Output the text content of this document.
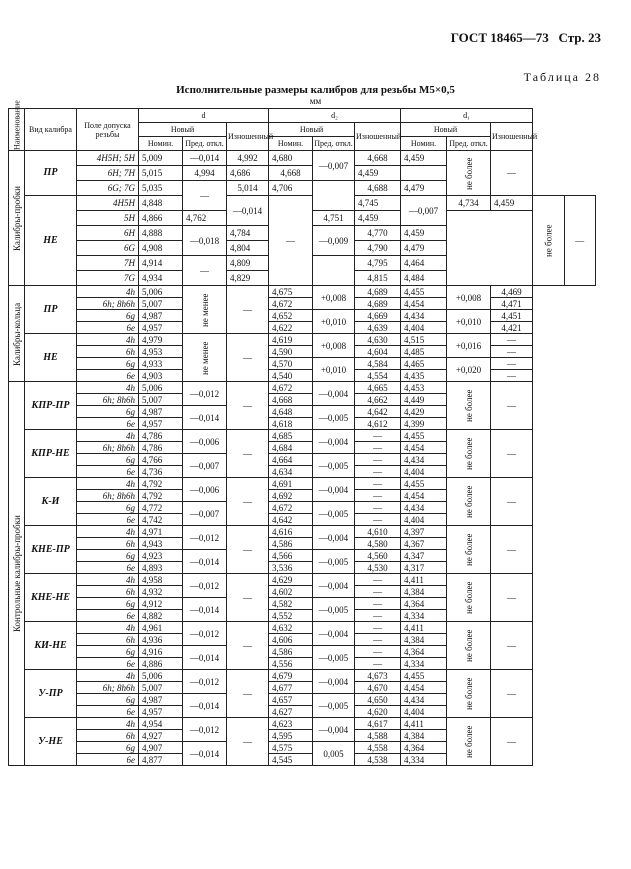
ГОСТ 18465—73 Стр. 23
Таблица 28
Исполнительные размеры калибров для резьбы M5×0,5
мм
Наименование	Вид калибра	Поле допуска резьбы	d			d₂			d₁				
			Новый		Изношенный	Новый		Изношенный	Новый		Изношенный		
			Номин.	Пред. откл.		Номин.	Пред. откл.		Номин.	Пред. откл.			
Калибры-пробки	ПР	4H5H; 5H	5,009	—0,014	4,992	4,680	—0,007	4,668	4,459	не более	—		
		6H; 7H	5,015	4,994	4,686	4,668		4,459					
		6G; 7G	5,035	—	5,014	4,706		4,688	4,479				
	НЕ	4H5H	4,848		—0,014	—		4,745	—0,007	4,734	4,459	не более	—
		5H	4,866	4,762			4,751	4,459					
		6H	4,888	—0,018	4,784		—0,009	4,770	4,459				
		6G	4,908		4,804			4,790	4,479				
		7H	4,914	—	4,809			4,795	4,464				
		7G	4,934		4,829			4,815	4,484				
Калибры-кольца	ПР	4h	5,006	не менее	—	4,675	+0,008	4,689	4,455	+0,008	4,469		
		6h; 8h6h	5,007			4,672		4,689	4,454		4,471		
		6g	4,987			4,652	+0,010	4,669	4,434	+0,010	4,451		
		6e	4,957			4,622		4,639	4,404		4,421		
	НЕ	4h	4,979	не менее	—	4,619	+0,008	4,630	4,515	+0,016	—		
		6h	4,953			4,590		4,604	4,485		—		
		6g	4,933			4,570	+0,010	4,584	4,465	+0,020	—		
		6e	4,903			4,540		4,554	4,435		—		
Контрольные калибры-пробки	КПР-ПР	4h	5,006	—0,012	—	4,672	—0,004	4,665	4,453	не более	—		
		6h; 8h6h	5,007			4,668		4,662	4,449				
		6g	4,987	—0,014		4,648	—0,005	4,642	4,429				
		6e	4,957			4,618		4,612	4,399				
	КПР-НЕ	4h	4,786	—0,006	—	4,685	—0,004	—	4,455	не более	—		
		6h; 8h6h	4,786			4,684		—	4,454				
		6g	4,766	—0,007		4,664	—0,005	—	4,434				
		6e	4,736			4,634		—	4,404				
	К-И	4h	4,792	—0,006	—	4,691	—0,004	—	4,455	не более	—		
		6h; 8h6h	4,792			4,692		—	4,454				
		6g	4,772	—0,007		4,672	—0,005	—	4,434				
		6e	4,742			4,642		—	4,404				
	КНЕ-ПР	4h	4,971	—0,012	—	4,616	—0,004	4,610	4,397	не более	—		
		6h	4,943			4,586		4,580	4,367				
		6g	4,923	—0,014		4,566	—0,005	4,560	4,347				
		6e	4,893			3,536		4,530	4,317				
	КНЕ-НЕ	4h	4,958	—0,012	—	4,629	—0,004	—	4,411	не более	—		
		6h	4,932			4,602		—	4,384				
		6g	4,912	—0,014		4,582	—0,005	—	4,364				
		6e	4,882			4,552		—	4,334				
	КИ-НЕ	4h	4,961	—0,012	—	4,632	—0,004	—	4,411	не более	—		
		6h	4,936			4,606		—	4,384				
		6g	4,916	—0,014		4,586	—0,005	—	4,364				
		6e	4,886			4,556		—	4,334				
	У-ПР	4h	5,006	—0,012	—	4,679	—0,004	4,673	4,455	не более	—		
		6h; 8h6h	5,007			4,677		4,670	4,454				
		6g	4,987	—0,014		4,657	—0,005	4,650	4,434				
		6e	4,957			4,627		4,620	4,404				
	У-НЕ	4h	4,954	—0,012	—	4,623	—0,004	4,617	4,411	не более	—		
		6h	4,927			4,595		4,588	4,384				
		6g	4,907	—0,014		4,575	0,005	4,558	4,364				
		6e	4,877			4,545		4,538	4,334				
